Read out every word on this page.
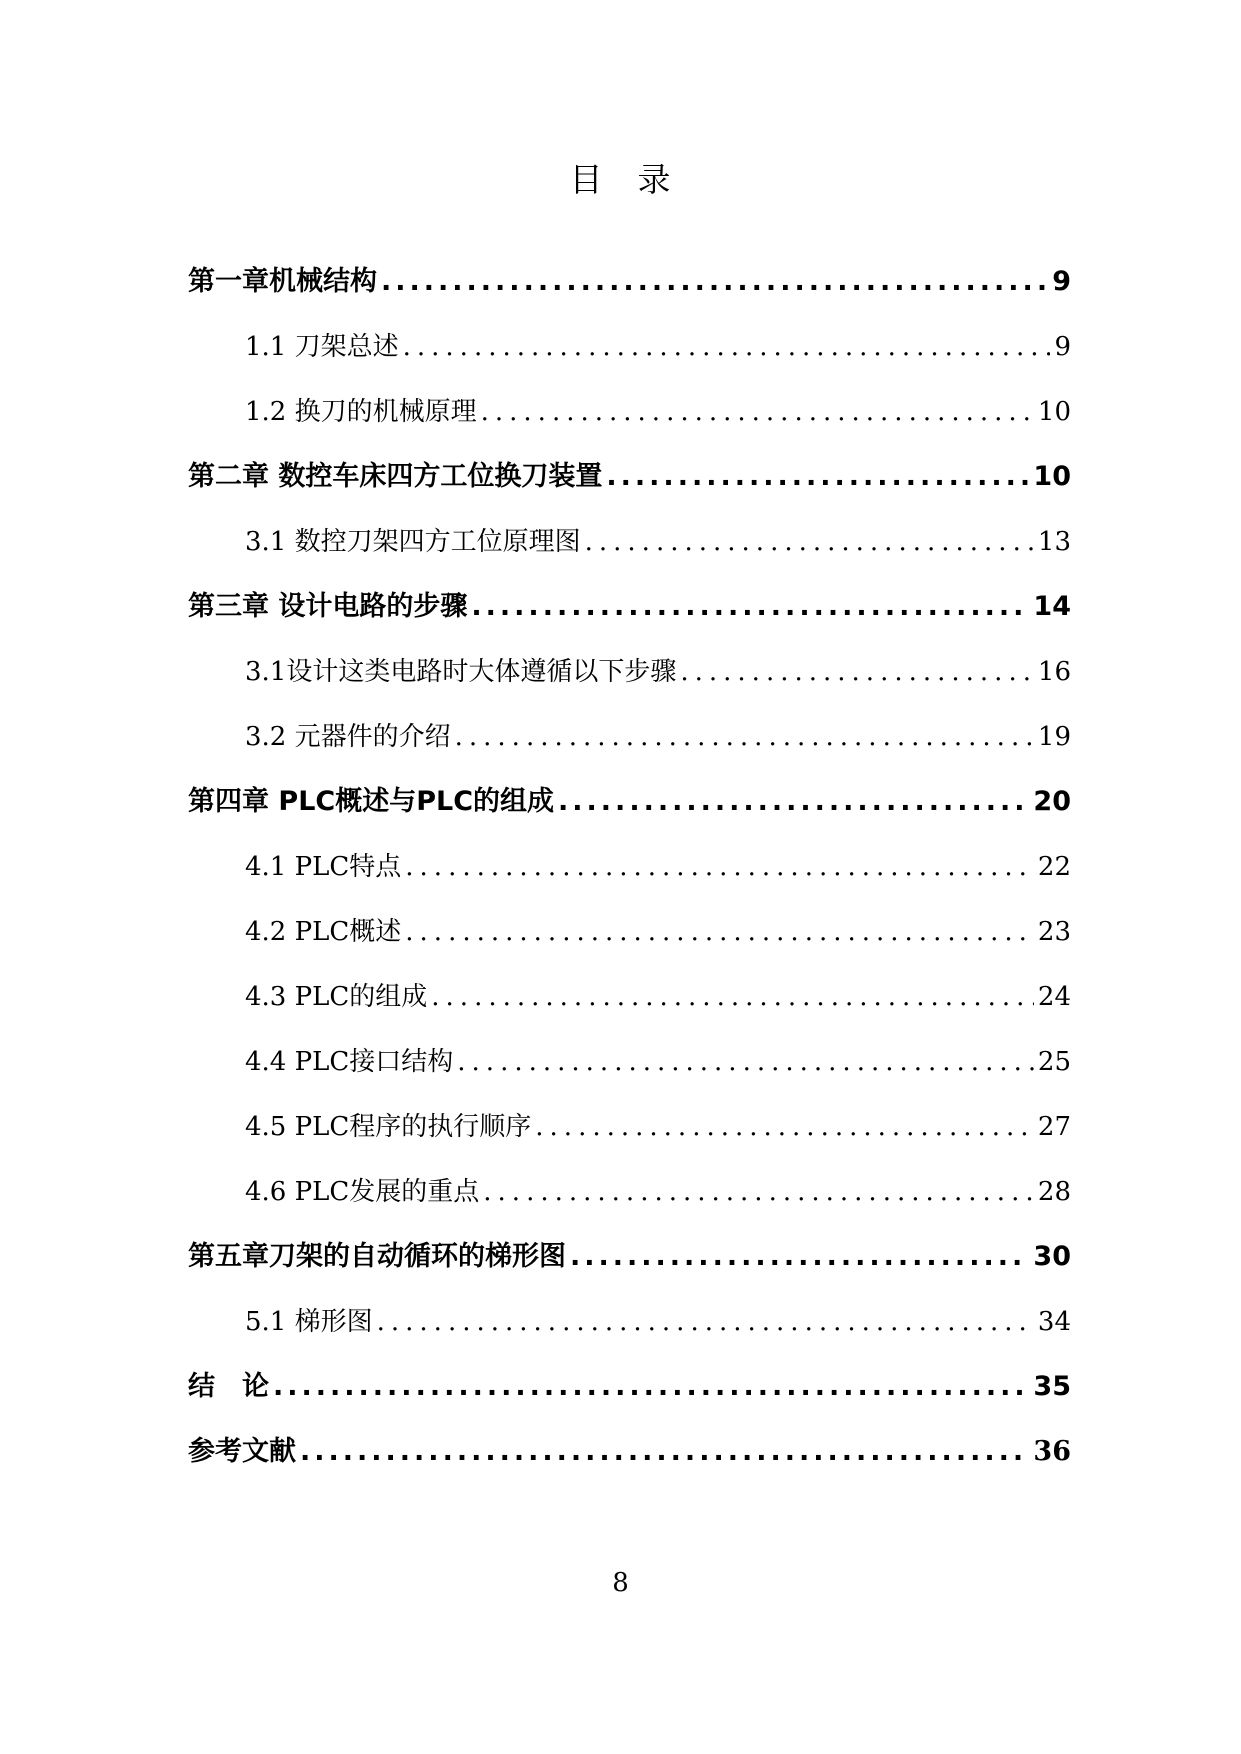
目　录
第一章机械结构 .....	9
1.1 刀架总述 .....	9
1.2 换刀的机械原理 .....	10
第二章 数控车床四方工位换刀装置 .....	10
3.1 数控刀架四方工位原理图 .....	13
第三章 设计电路的步骤 .....	14
3.1设计这类电路时大体遵循以下步骤 .....	16
3.2 元器件的介绍 .....	19
第四章 PLC概述与PLC的组成 .....	20
4.1 PLC特点 .....	22
4.2 PLC概述 .....	23
4.3 PLC的组成 .....	24
4.4 PLC接口结构 .....	25
4.5 PLC程序的执行顺序 .....	27
4.6 PLC发展的重点 .....	28
第五章刀架的自动循环的梯形图 .....	30
5.1 梯形图 .....	34
结　论 .....	35
参考文献 .....	36
8
